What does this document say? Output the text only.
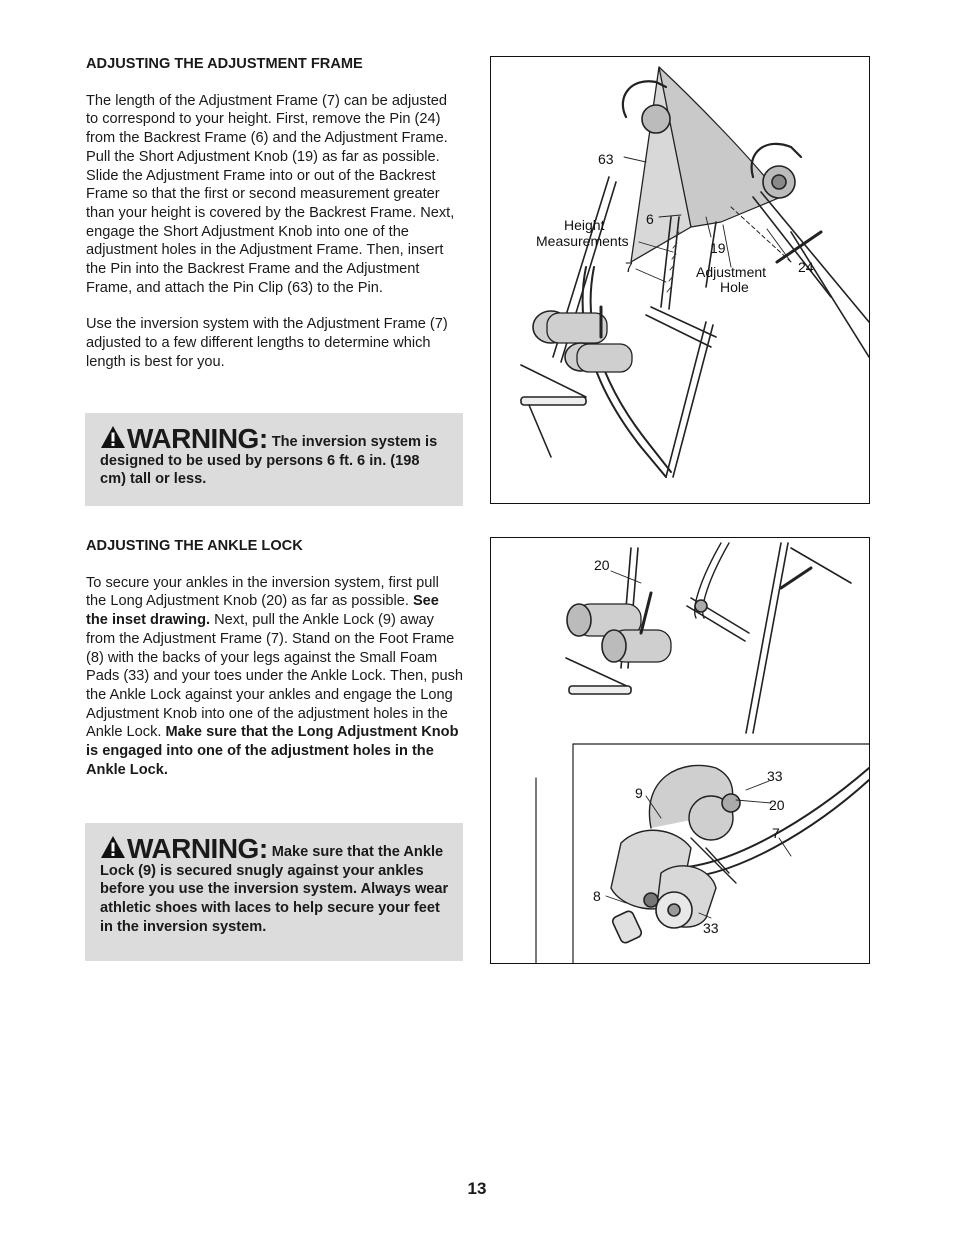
ADJUSTING THE ADJUSTMENT FRAME

The length of the Adjustment Frame (7) can be adjusted to correspond to your height. First, remove the Pin (24) from the Backrest Frame (6) and the Adjustment Frame. Pull the Short Adjustment Knob (19) as far as possible. Slide the Adjustment Frame into or out of the Backrest Frame so that the first or second measurement greater than your height is covered by the Backrest Frame. Next, engage the Short Adjustment Knob into one of the adjustment holes in the Adjustment Frame. Then, insert the Pin into the Backrest Frame and the Adjustment Frame, and attach the Pin Clip (63) to the Pin.

Use the inversion system with the Adjustment Frame (7) adjusted to a few different lengths to determine which length is best for you.

WARNING: The inversion system is designed to be used by persons 6 ft. 6 in. (198 cm) tall or less.

ADJUSTING THE ANKLE LOCK

To secure your ankles in the inversion system, first pull the Long Adjustment Knob (20) as far as possible. See the inset drawing. Next, pull the Ankle Lock (9) away from the Adjustment Frame (7). Stand on the Foot Frame (8) with the backs of your legs against the Small Foam Pads (33) and your toes under the Ankle Lock. Then, push the Ankle Lock against your ankles and engage the Long Adjustment Knob into one of the adjustment holes in the Ankle Lock. Make sure that the Long Adjustment Knob is engaged into one of the adjustment holes in the Ankle Lock.

WARNING: Make sure that the Ankle Lock (9) is secured snugly against your ankles before you use the inversion system. Always wear athletic shoes with laces to help secure your feet in the inversion system.
63
6
Height
Measurements
7
19
Adjustment
Hole
24
20
9
33
20
7
8
33
13
